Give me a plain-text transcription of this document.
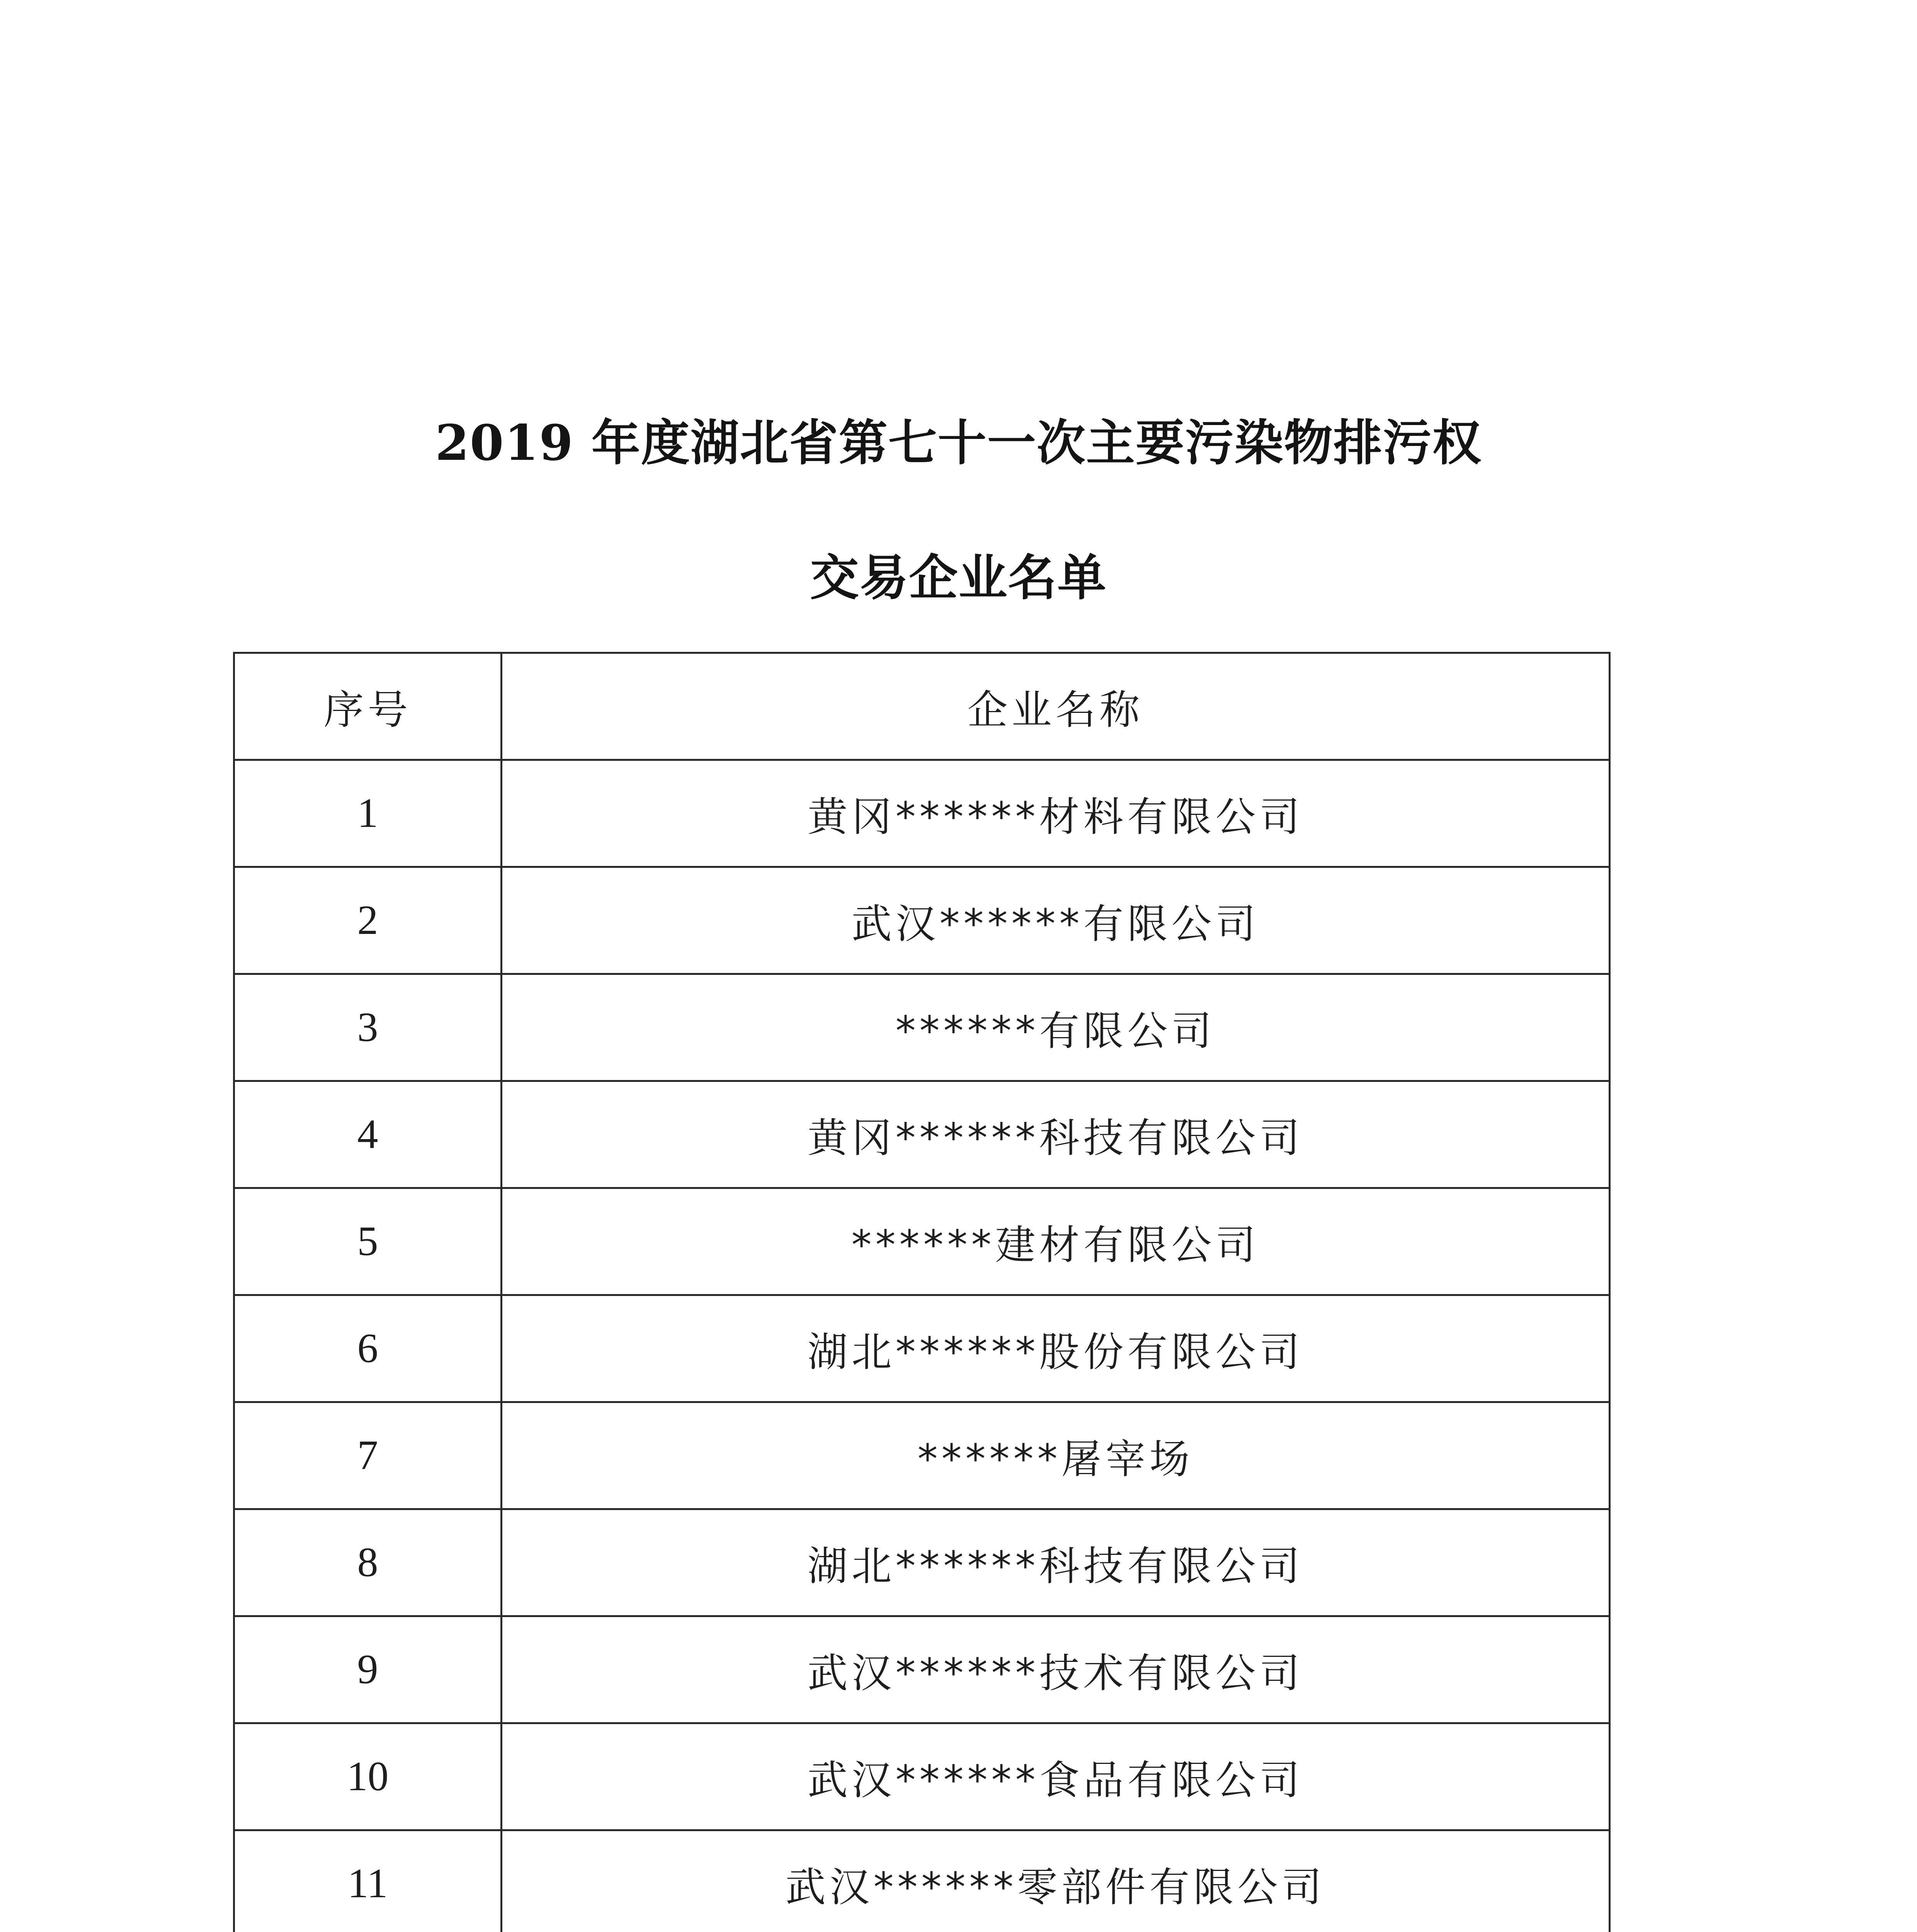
2019 年度湖北省第七十一次主要污染物排污权
交易企业名单
序号	企业名称
1	黄冈******材料有限公司
2	武汉******有限公司
3	******有限公司
4	黄冈******科技有限公司
5	******建材有限公司
6	湖北******股份有限公司
7	******屠宰场
8	湖北******科技有限公司
9	武汉******技术有限公司
10	武汉******食品有限公司
11	武汉******零部件有限公司
